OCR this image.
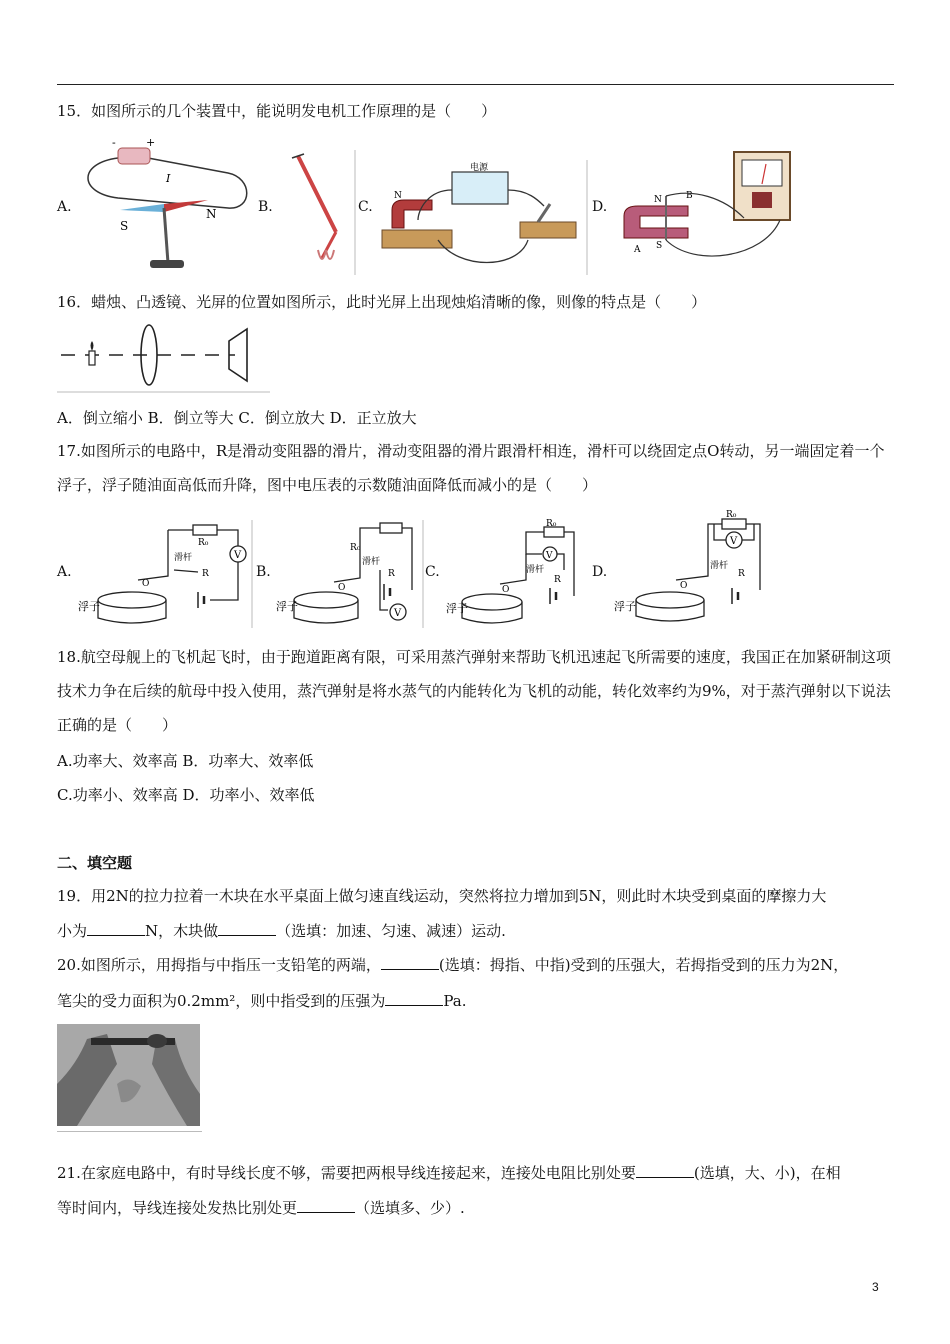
15．如图所示的几个装置中，能说明发电机工作原理的是（　　）
A.
-	+
I
S
N	B.	C.
电源
N
D.	N	B
A S
16．蜡烛、凸透镜、光屏的位置如图所示，此时光屏上出现烛焰清晰的像，则像的特点是（　　）
A．倒立缩小 B．倒立等大 C．倒立放大 D．正立放大
17.如图所示的电路中，R是滑动变阻器的滑片，滑动变阻器的滑片跟滑杆相连，滑杆可以绕固定点O转动，另一端固定着一个浮子，浮子随油面高低而升降，图中电压表的示数随油面降低而减小的是（　　）
A.
V
R₀
滑杆
O
R
浮子
B.
R₀
滑杆
O
R
V
浮子
C.
R₀
V
滑杆
O
R
浮子
D.
R₀
V
滑杆
O
R
浮子
18.航空母舰上的飞机起飞时，由于跑道距离有限，可采用蒸汽弹射来帮助飞机迅速起飞所需要的速度，我国正在加紧研制这项技术力争在后续的航母中投入使用，蒸汽弹射是将水蒸气的内能转化为飞机的动能，转化效率约为9%，对于蒸汽弹射以下说法正确的是（　　）
A.功率大、效率高 B．功率大、效率低
C.功率小、效率高 D．功率小、效率低
二、填空题
19．用2N的拉力拉着一木块在水平桌面上做匀速直线运动，突然将拉力增加到5N，则此时木块受到桌面的摩擦力大
小为	N，木块做	（选填：加速、匀速、减速）运动.
20.如图所示，用拇指与中指压一支铅笔的两端，	(选填：拇指、中指)受到的压强大，若拇指受到的压力为2N，
笔尖的受力面积为0.2mm²，则中指受到的压强为	Pa.
21.在家庭电路中，有时导线长度不够，需要把两根导线连接起来，连接处电阻比别处要	(选填，大、小)，在相
等时间内，导线连接处发热比别处更	（选填多、少）.
3
